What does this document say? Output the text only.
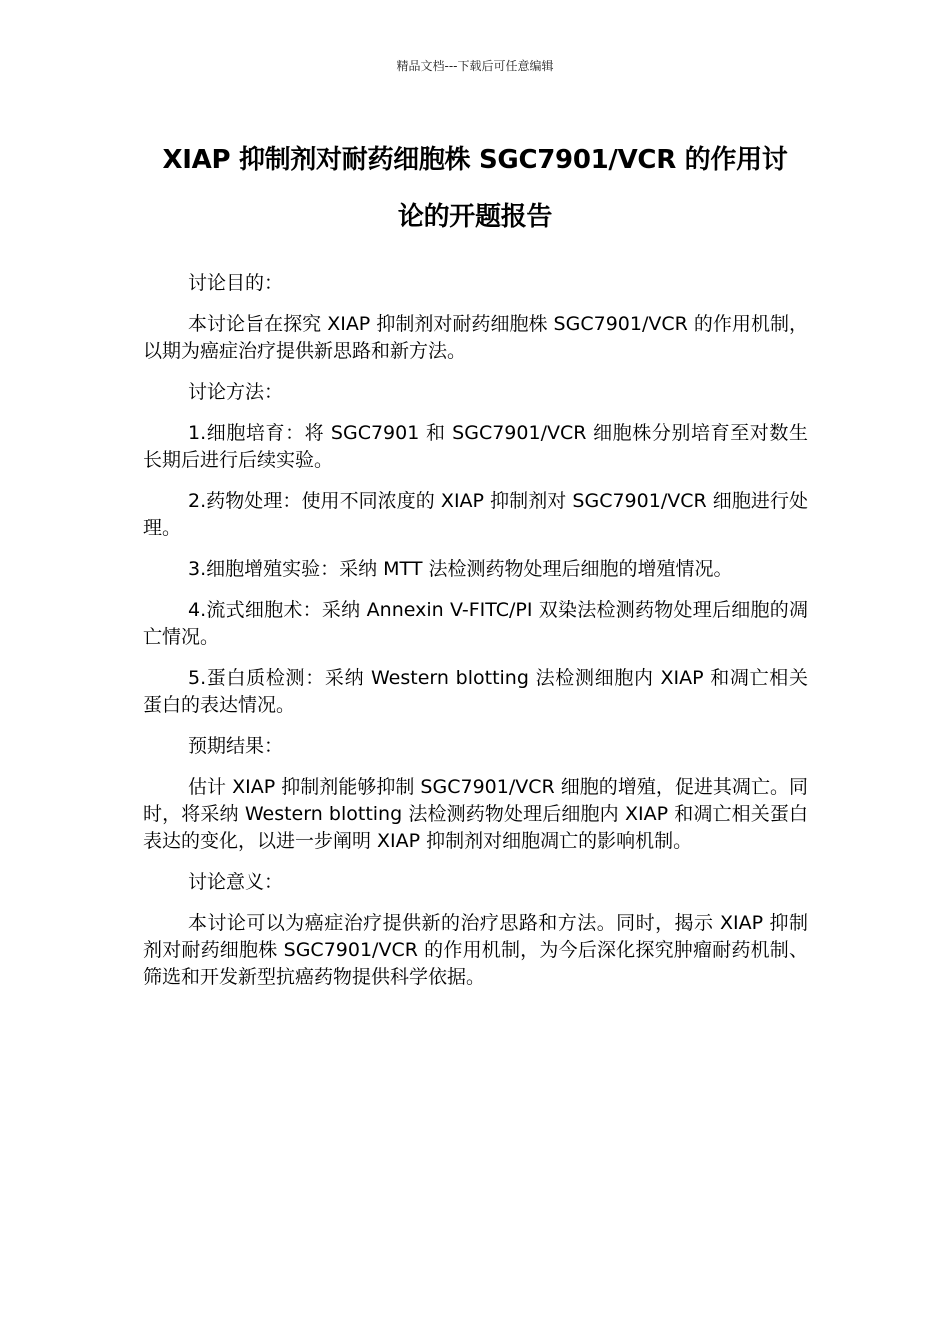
精品文档---下载后可任意编辑
XIAP 抑制剂对耐药细胞株 SGC7901/VCR 的作用讨
论的开题报告

讨论目的：

本讨论旨在探究 XIAP 抑制剂对耐药细胞株 SGC7901/VCR 的作用机制，以期为癌症治疗提供新思路和新方法。

讨论方法：

1.细胞培育：将 SGC7901 和 SGC7901/VCR 细胞株分别培育至对数生长期后进行后续实验。

2.药物处理：使用不同浓度的 XIAP 抑制剂对 SGC7901/VCR 细胞进行处理。

3.细胞增殖实验：采纳 MTT 法检测药物处理后细胞的增殖情况。

4.流式细胞术：采纳 Annexin V-FITC/PI 双染法检测药物处理后细胞的凋亡情况。

5.蛋白质检测：采纳 Western blotting 法检测细胞内 XIAP 和凋亡相关蛋白的表达情况。

预期结果：

估计 XIAP 抑制剂能够抑制 SGC7901/VCR 细胞的增殖，促进其凋亡。同时，将采纳 Western blotting 法检测药物处理后细胞内 XIAP 和凋亡相关蛋白表达的变化，以进一步阐明 XIAP 抑制剂对细胞凋亡的影响机制。

讨论意义：

本讨论可以为癌症治疗提供新的治疗思路和方法。同时，揭示 XIAP 抑制剂对耐药细胞株 SGC7901/VCR 的作用机制，为今后深化探究肿瘤耐药机制、筛选和开发新型抗癌药物提供科学依据。
